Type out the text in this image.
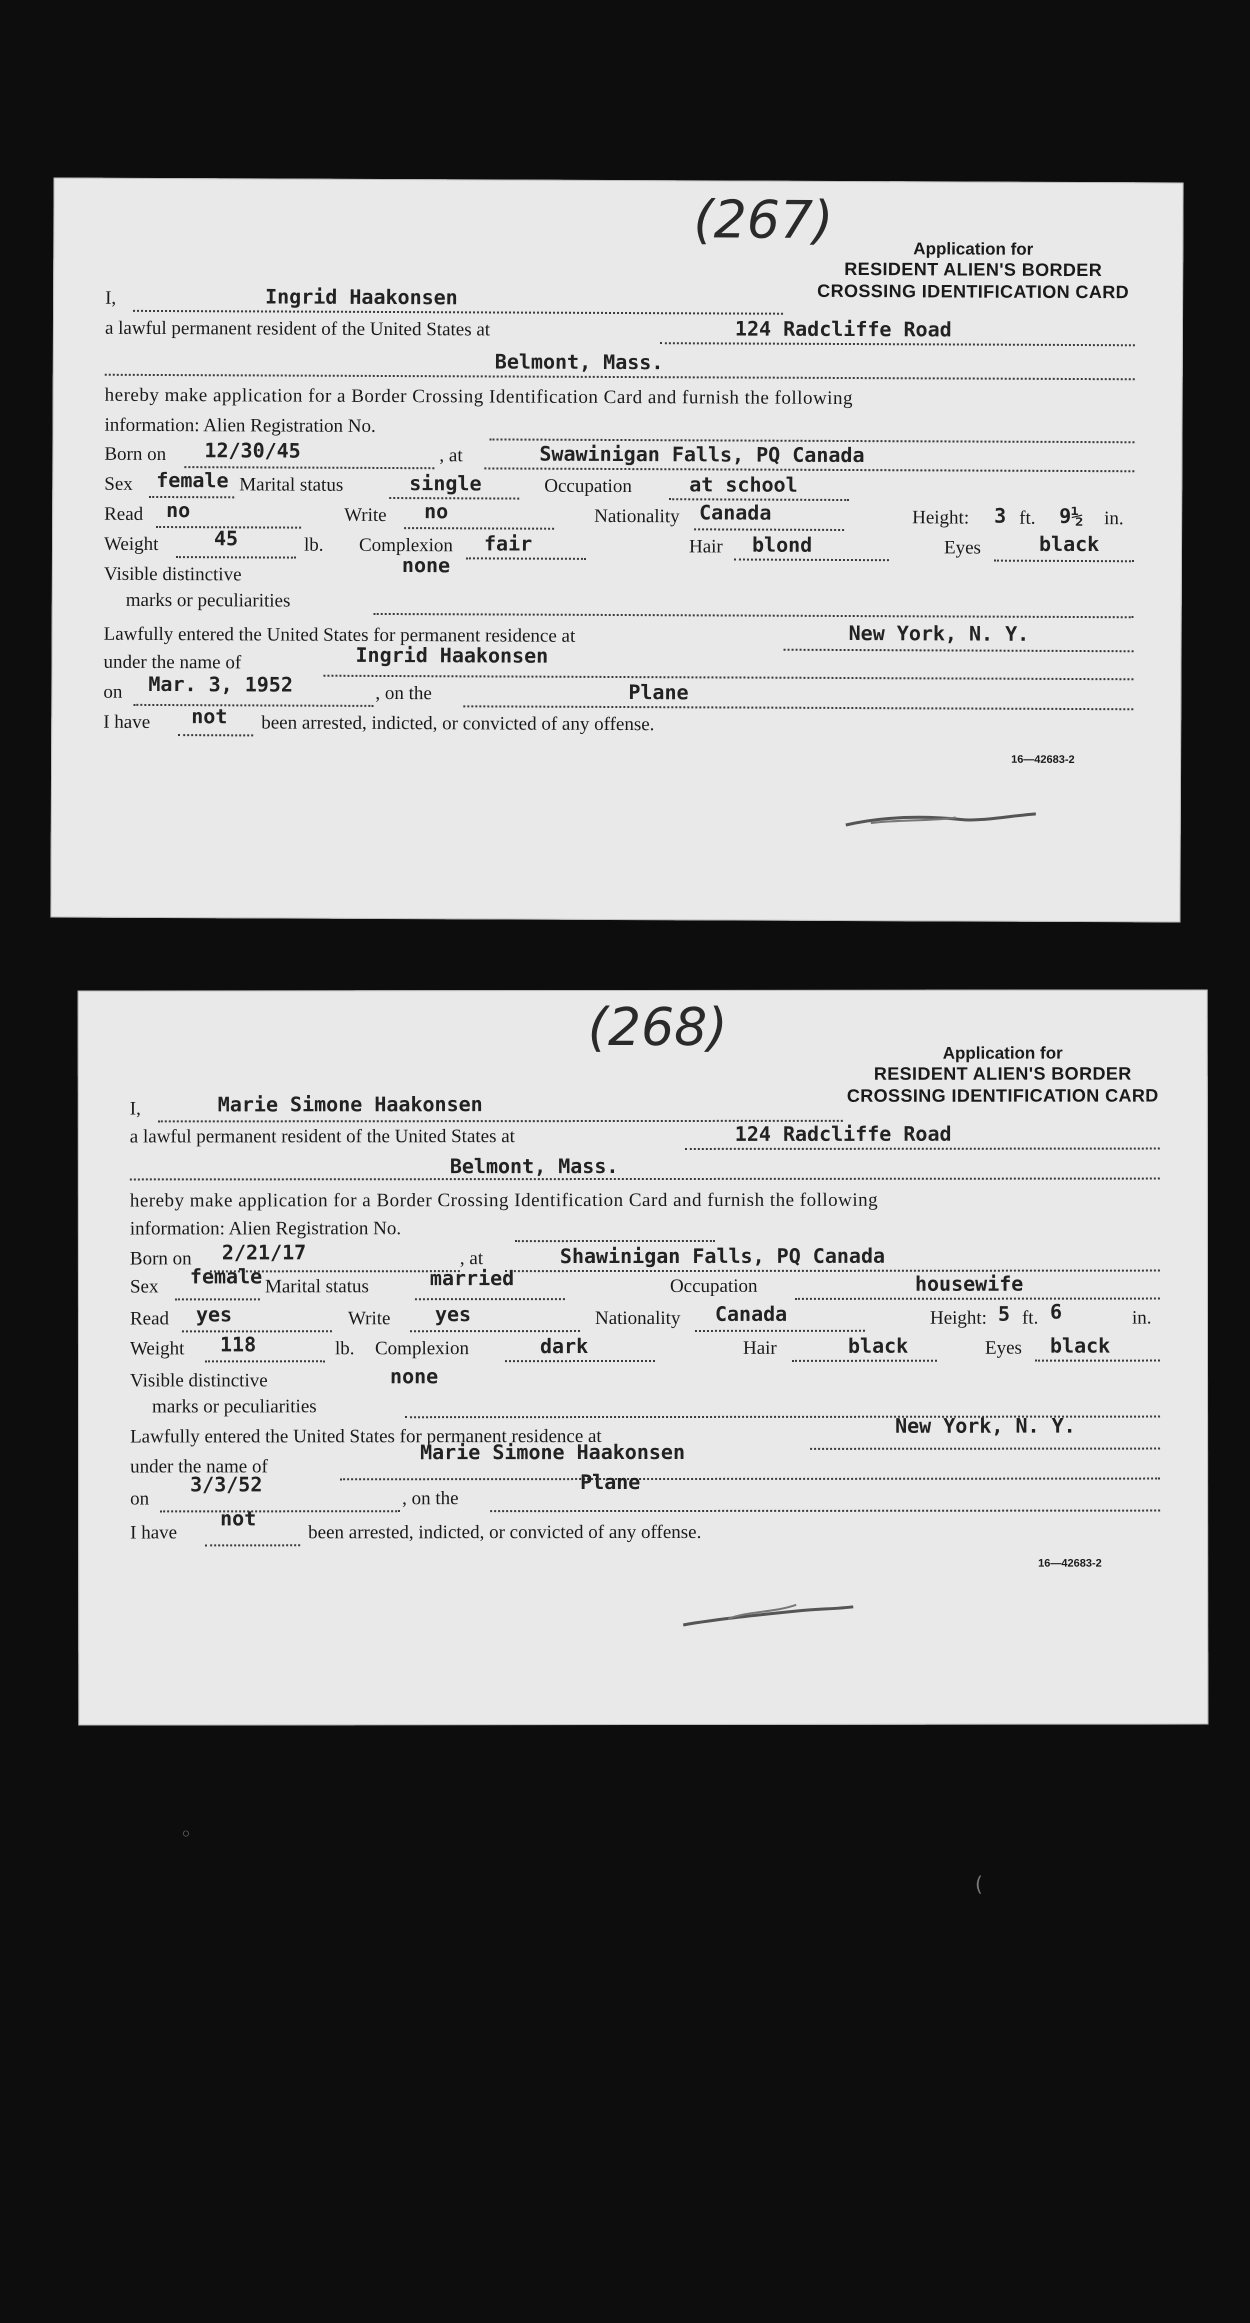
(267)	Application for
RESIDENT ALIEN'S BORDER
CROSSING IDENTIFICATION CARD
I,	Ingrid Haakonsen
a lawful permanent resident of the United States at	124 Radcliffe Road
Belmont, Mass.
hereby make application for a Border Crossing Identification Card and furnish the following
information: Alien Registration No.
Born on 12/30/45	, at	Swawinigan Falls, PQ Canada
Sex female Marital status	single	Occupation	at school
Read no	Write no	Nationality Canada	Height: 3 ft. 9½ in.
Weight	45	lb. Complexion fair	Hair blond	Eyes	black
Visible distinctive	none
marks or peculiarities
Lawfully entered the United States for permanent residence at	New York, N. Y.
under the name of	Ingrid Haakonsen
on Mar. 3, 1952	, on the	Plane
I have not been arrested, indicted, or convicted of any offense.
16—42683-2
(268)	Application for
RESIDENT ALIEN'S BORDER
CROSSING IDENTIFICATION CARD
I,	Marie Simone Haakonsen
a lawful permanent resident of the United States at	124 Radcliffe Road
Belmont, Mass.
hereby make application for a Border Crossing Identification Card and furnish the following
information: Alien Registration No.
Born on 2/21/17	, at	Shawinigan Falls, PQ Canada
Sex female Marital status	married	Occupation	housewife
Read yes	Write yes	Nationality Canada	Height: 5 ft. 6	in.
Weight 118	lb. Complexion	dark	Hair	black	Eyes black
Visible distinctive	none
marks or peculiarities
Lawfully entered the United States for permanent residence at	New York, N. Y.
under the name of
Marie Simone Haakonsen
on
3/3/52
, on the
Plane
I have
not
been arrested, indicted, or convicted of any offense.
16—42683-2
◦
(
